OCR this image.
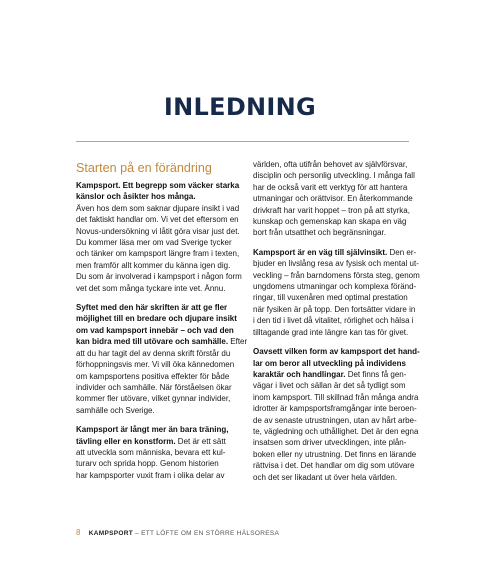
INLEDNING
Starten på en förändring
Kampsport. Ett begrepp som väcker starka
känslor och åsikter hos många.
Även hos dem som saknar djupare insikt i vad
det faktiskt handlar om. Vi vet det eftersom en
Novus-undersökning vi låtit göra visar just det.
Du kommer läsa mer om vad Sverige tycker
och tänker om kampsport längre fram i texten,
men framför allt kommer du känna igen dig.
Du som är involverad i kampsport i någon form
vet det som många tyckare inte vet. Ännu.
Syftet med den här skriften är att ge fler
möjlighet till en bredare och djupare insikt
om vad kampsport innebär – och vad den
kan bidra med till utövare och samhälle. Efter
att du har tagit del av denna skrift förstår du
förhoppningsvis mer. Vi vill öka kännedomen
om kampsportens positiva effekter för både
individer och samhälle. När förståelsen ökar
kommer fler utövare, vilket gynnar individer,
samhälle och Sverige.
Kampsport är långt mer än bara träning,
tävling eller en konstform. Det är ett sätt
att utveckla som människa, bevara ett kul-
turarv och sprida hopp. Genom historien
har kampsporter vuxit fram i olika delar av
världen, ofta utifrån behovet av självförsvar,
disciplin och personlig utveckling. I många fall
har de också varit ett verktyg för att hantera
utmaningar och orättvisor. En återkommande
drivkraft har varit hoppet – tron på att styrka,
kunskap och gemenskap kan skapa en väg
bort från utsatthet och begränsningar.
Kampsport är en väg till självinsikt. Den er-
bjuder en livslång resa av fysisk och mental ut-
veckling – från barndomens första steg, genom
ungdomens utmaningar och komplexa föränd-
ringar, till vuxenåren med optimal prestation
när fysiken är på topp. Den fortsätter vidare in
i den tid i livet då vitalitet, rörlighet och hälsa i
tilltagande grad inte längre kan tas för givet.
Oavsett vilken form av kampsport det hand-
lar om beror all utveckling på individens
karaktär och handlingar. Det finns få gen-
vägar i livet och sällan är det så tydligt som
inom kampsport. Till skillnad från många andra
idrotter är kampsportsframgångar inte beroen-
de av senaste utrustningen, utan av hårt arbe-
te, vägledning och uthållighet. Det är den egna
insatsen som driver utvecklingen, inte plån-
boken eller ny utrustning. Det finns en lärande
rättvisa i det. Det handlar om dig som utövare
och det ser likadant ut över hela världen.
8 KAMPSPORT – ETT LÖFTE OM EN STÖRRE HÄLSORESA
